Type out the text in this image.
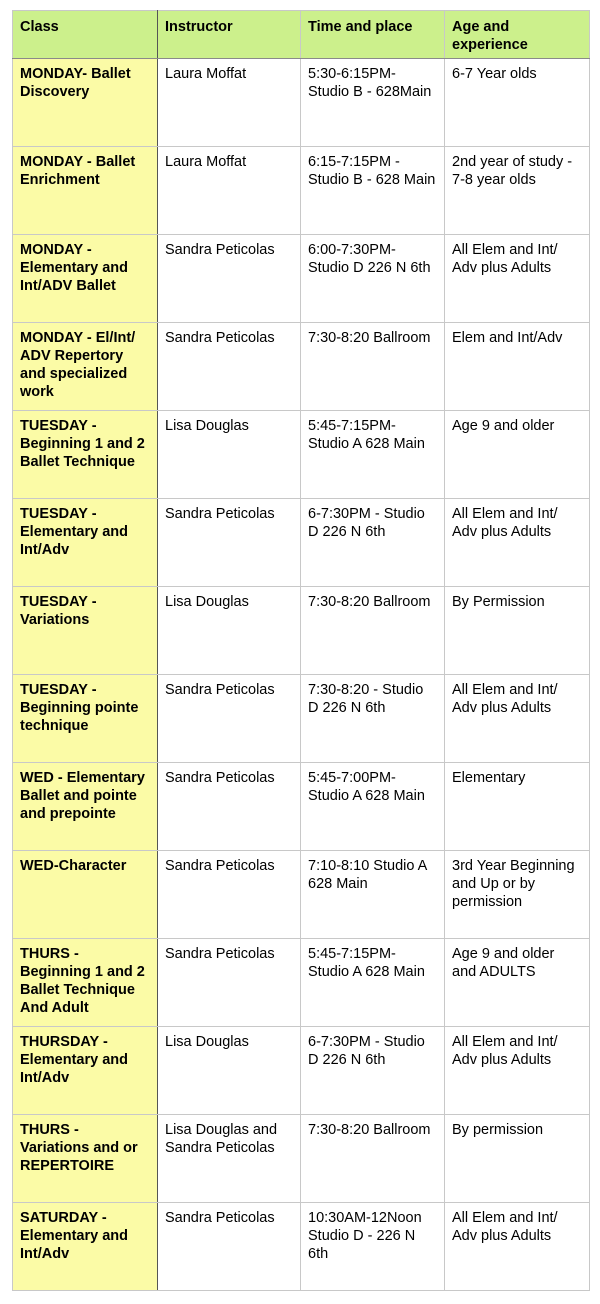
Class	Instructor	Time and place	Age and experience
MONDAY- Ballet Discovery	Laura Moffat	5:30-6:15PM- Studio B - 628Main	6-7 Year olds
MONDAY - Ballet Enrichment	Laura Moffat	6:15-7:15PM - Studio B - 628 Main	2nd year of study - 7-8 year olds
MONDAY - Elementary and Int/ADV Ballet	Sandra Peticolas	6:00-7:30PM- Studio D 226 N 6th	All Elem and Int/ Adv plus Adults
MONDAY - El/Int/ ADV Repertory and specialized work	Sandra Peticolas	7:30-8:20 Ballroom	Elem and Int/Adv
TUESDAY - Beginning 1 and 2 Ballet Technique	Lisa Douglas	5:45-7:15PM- Studio A 628 Main	Age 9 and older
TUESDAY - Elementary and Int/Adv	Sandra Peticolas	6-7:30PM - Studio D 226 N 6th	All Elem and Int/ Adv plus Adults
TUESDAY - Variations	Lisa Douglas	7:30-8:20 Ballroom	By Permission
TUESDAY - Beginning pointe technique	Sandra Peticolas	7:30-8:20 - Studio D 226 N 6th	All Elem and Int/ Adv plus Adults
WED - Elementary Ballet and pointe and prepointe	Sandra Peticolas	5:45-7:00PM- Studio A 628 Main	Elementary
WED-Character	Sandra Peticolas	7:10-8:10 Studio A 628 Main	3rd Year Beginning and Up or by permission
THURS - Beginning 1 and 2 Ballet Technique And Adult	Sandra Peticolas	5:45-7:15PM- Studio A 628 Main	Age 9 and older and ADULTS
THURSDAY - Elementary and Int/Adv	Lisa Douglas	6-7:30PM - Studio D 226 N 6th	All Elem and Int/ Adv plus Adults
THURS - Variations and or REPERTOIRE	Lisa Douglas and Sandra Peticolas	7:30-8:20 Ballroom	By permission
SATURDAY - Elementary and Int/Adv	Sandra Peticolas	10:30AM-12Noon Studio D - 226 N 6th	All Elem and Int/ Adv plus Adults
